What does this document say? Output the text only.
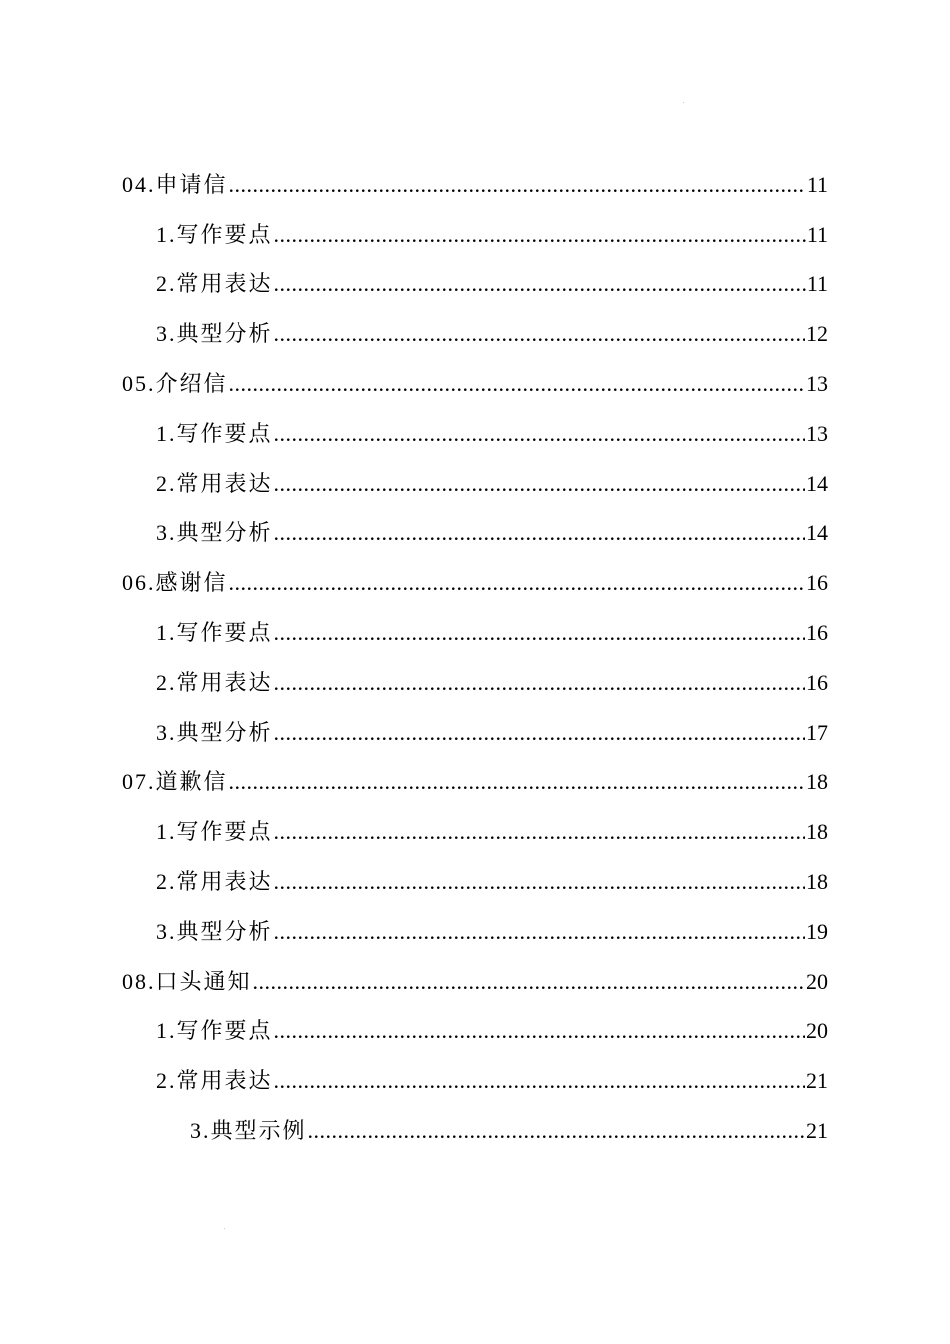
04.申请信 .....	11
1.写作要点 .....	11
2.常用表达 .....	11
3.典型分析 .....	12
05.介绍信 .....	13
1.写作要点 .....	13
2.常用表达 .....	14
3.典型分析 .....	14
06.感谢信 .....	16
1.写作要点 .....	16
2.常用表达 .....	16
3.典型分析 .....	17
07.道歉信 .....	18
1.写作要点 .....	18
2.常用表达 .....	18
3.典型分析 .....	19
08.口头通知 .....	20
1.写作要点 .....	20
2.常用表达 .....	21
3.典型示例 .....	21
